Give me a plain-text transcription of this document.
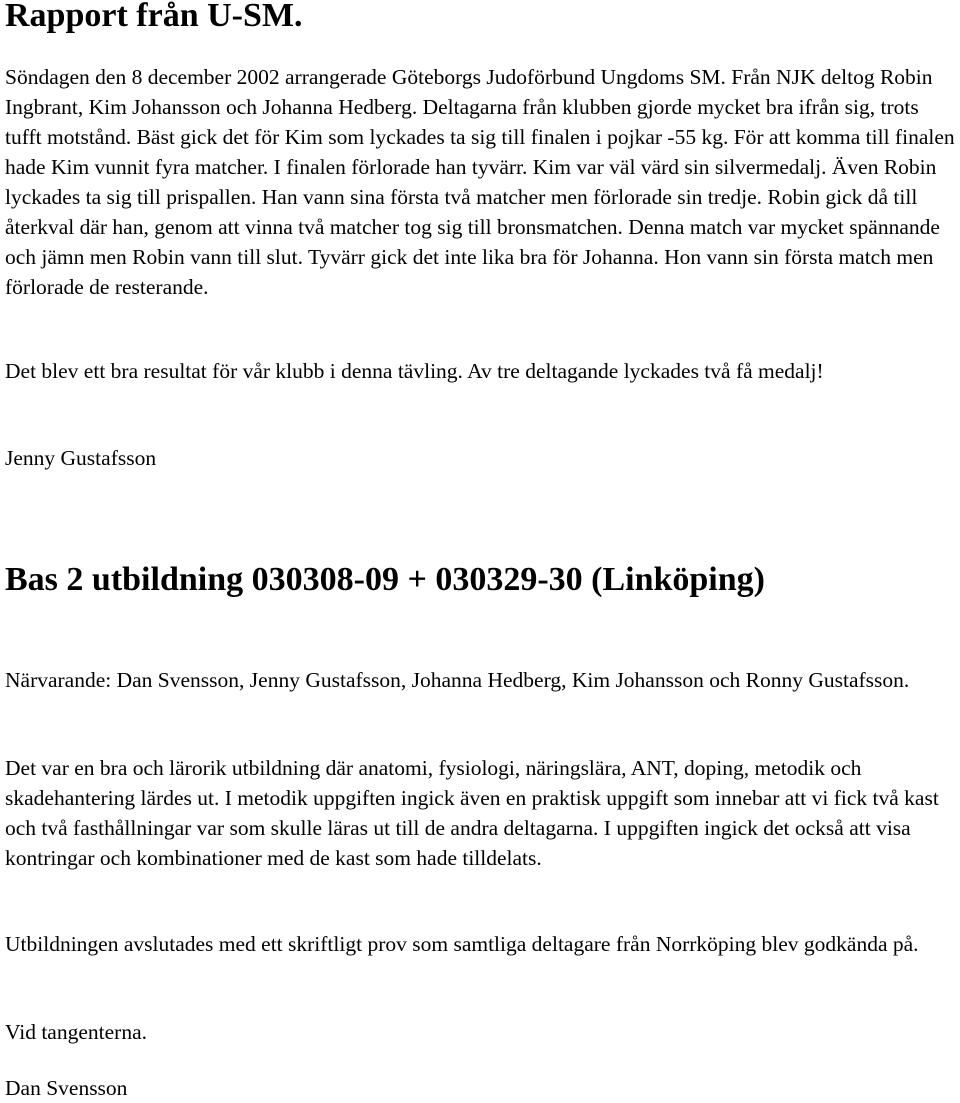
Rapport från U-SM.

Söndagen den 8 december 2002 arrangerade Göteborgs Judoförbund Ungdoms SM. Från NJK deltog Robin Ingbrant, Kim Johansson och Johanna Hedberg. Deltagarna från klubben gjorde mycket bra ifrån sig, trots tufft motstånd. Bäst gick det för Kim som lyckades ta sig till finalen i pojkar -55 kg. För att komma till finalen hade Kim vunnit fyra matcher. I finalen förlorade han tyvärr. Kim var väl värd sin silvermedalj. Även Robin lyckades ta sig till prispallen. Han vann sina första två matcher men förlorade sin tredje. Robin gick då till återkval där han, genom att vinna två matcher tog sig till bronsmatchen. Denna match var mycket spännande och jämn men Robin vann till slut. Tyvärr gick det inte lika bra för Johanna. Hon vann sin första match men förlorade de resterande.

Det blev ett bra resultat för vår klubb i denna tävling. Av tre deltagande lyckades två få medalj!

Jenny Gustafsson

Bas 2 utbildning 030308-09 + 030329-30 (Linköping)

Närvarande: Dan Svensson, Jenny Gustafsson, Johanna Hedberg, Kim Johansson och Ronny Gustafsson.

Det var en bra och lärorik utbildning där anatomi, fysiologi, näringslära, ANT, doping, metodik och skadehantering lärdes ut. I metodik uppgiften ingick även en praktisk uppgift som innebar att vi fick två kast och två fasthållningar var som skulle läras ut till de andra deltagarna. I uppgiften ingick det också att visa kontringar och kombinationer med de kast som hade tilldelats.

Utbildningen avslutades med ett skriftligt prov som samtliga deltagare från Norrköping blev godkända på.

Vid tangenterna.

Dan Svensson
